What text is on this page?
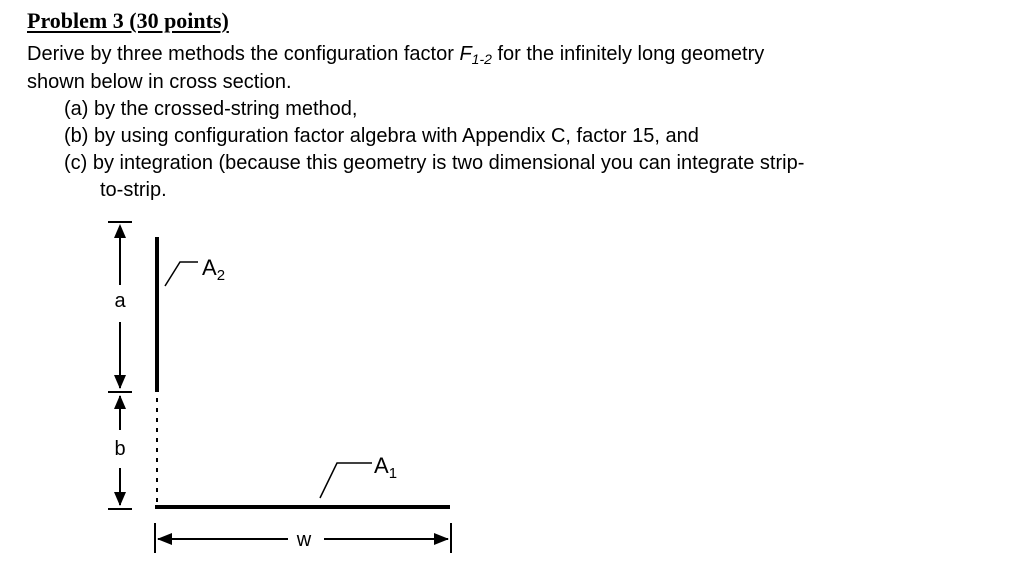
Problem 3 (30 points)
Derive by three methods the configuration factor $F_{1-2}$ for the infinitely long geometry
shown below in cross section.
(a) by the crossed-string method,
(b) by using configuration factor algebra with Appendix C, factor 15, and
(c) by integration (because this geometry is two dimensional you can integrate strip-
to-strip.
$A_2$
$A_1$
a
b
w
